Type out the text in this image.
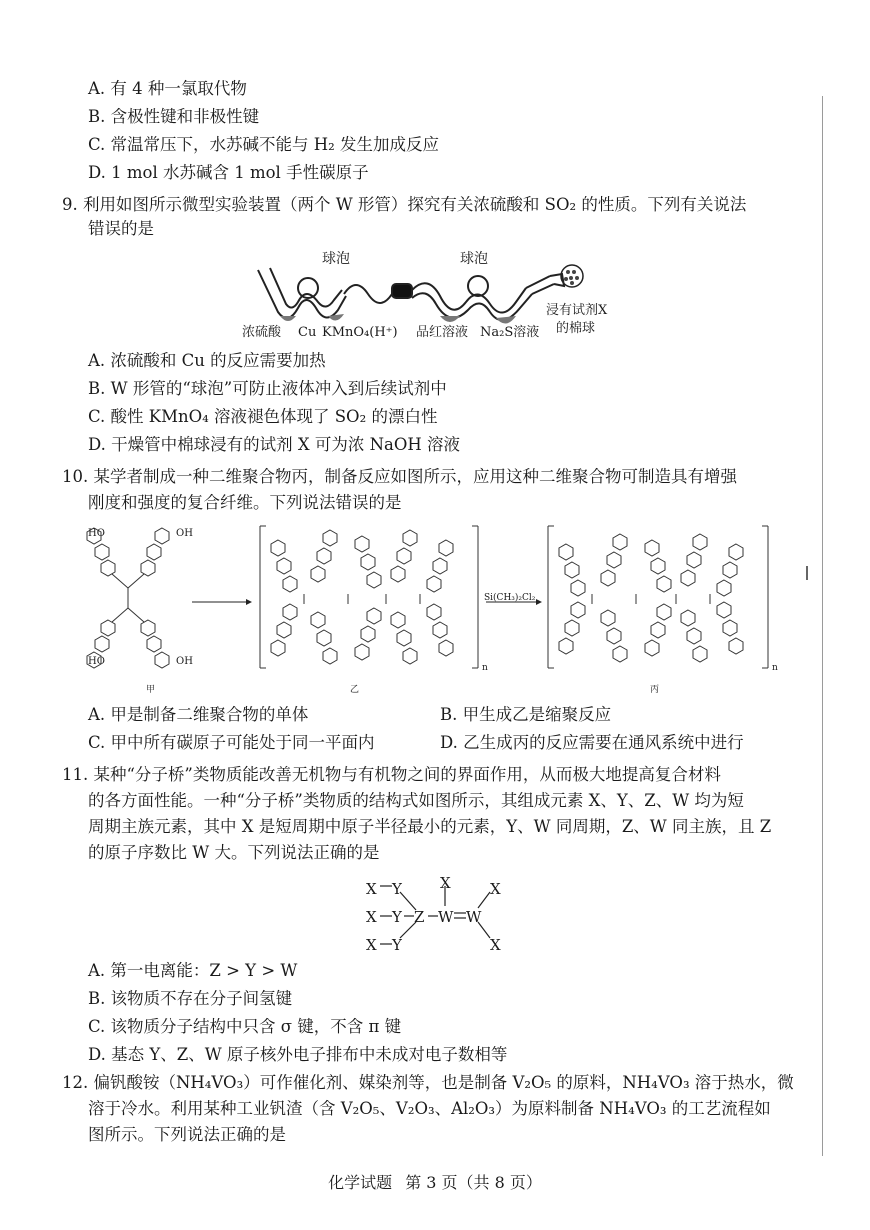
A. 有 4 种一氯取代物
B. 含极性键和非极性键
C. 常温常压下，水苏碱不能与 H₂ 发生加成反应
D. 1 mol 水苏碱含 1 mol 手性碳原子
9. 利用如图所示微型实验装置（两个 W 形管）探究有关浓硫酸和 SO₂ 的性质。下列有关说法
错误的是
球泡	球泡
浓硫酸 Cu KMnO₄(H⁺) 品红溶液 Na₂S溶液
浸有试剂X
的棉球
A. 浓硫酸和 Cu 的反应需要加热
B. W 形管的“球泡”可防止液体冲入到后续试剂中
C. 酸性 KMnO₄ 溶液褪色体现了 SO₂ 的漂白性
D. 干燥管中棉球浸有的试剂 X 可为浓 NaOH 溶液
10. 某学者制成一种二维聚合物丙，制备反应如图所示，应用这种二维聚合物可制造具有增强
刚度和强度的复合纤维。下列说法错误的是
HO	OH
HO	OH
Si(CH₃)₂Cl₂
n	n
甲	乙	丙
A. 甲是制备二维聚合物的单体	B. 甲生成乙是缩聚反应
C. 甲中所有碳原子可能处于同一平面内	D. 乙生成丙的反应需要在通风系统中进行
11. 某种“分子桥”类物质能改善无机物与有机物之间的界面作用，从而极大地提高复合材料
的各方面性能。一种“分子桥”类物质的结构式如图所示，其组成元素 X、Y、Z、W 均为短
周期主族元素，其中 X 是短周期中原子半径最小的元素，Y、W 同周期，Z、W 同主族，且 Z
的原子序数比 W 大。下列说法正确的是
X Y
X Y
X Y
Z W
X
W
X
X
A. 第一电离能：Z > Y > W
B. 该物质不存在分子间氢键
C. 该物质分子结构中只含 σ 键，不含 π 键
D. 基态 Y、Z、W 原子核外电子排布中未成对电子数相等
12. 偏钒酸铵（NH₄VO₃）可作催化剂、媒染剂等，也是制备 V₂O₅ 的原料，NH₄VO₃ 溶于热水，微
溶于冷水。利用某种工业钒渣（含 V₂O₅、V₂O₃、Al₂O₃）为原料制备 NH₄VO₃ 的工艺流程如
图所示。下列说法正确的是
化学试题 第 3 页（共 8 页）
